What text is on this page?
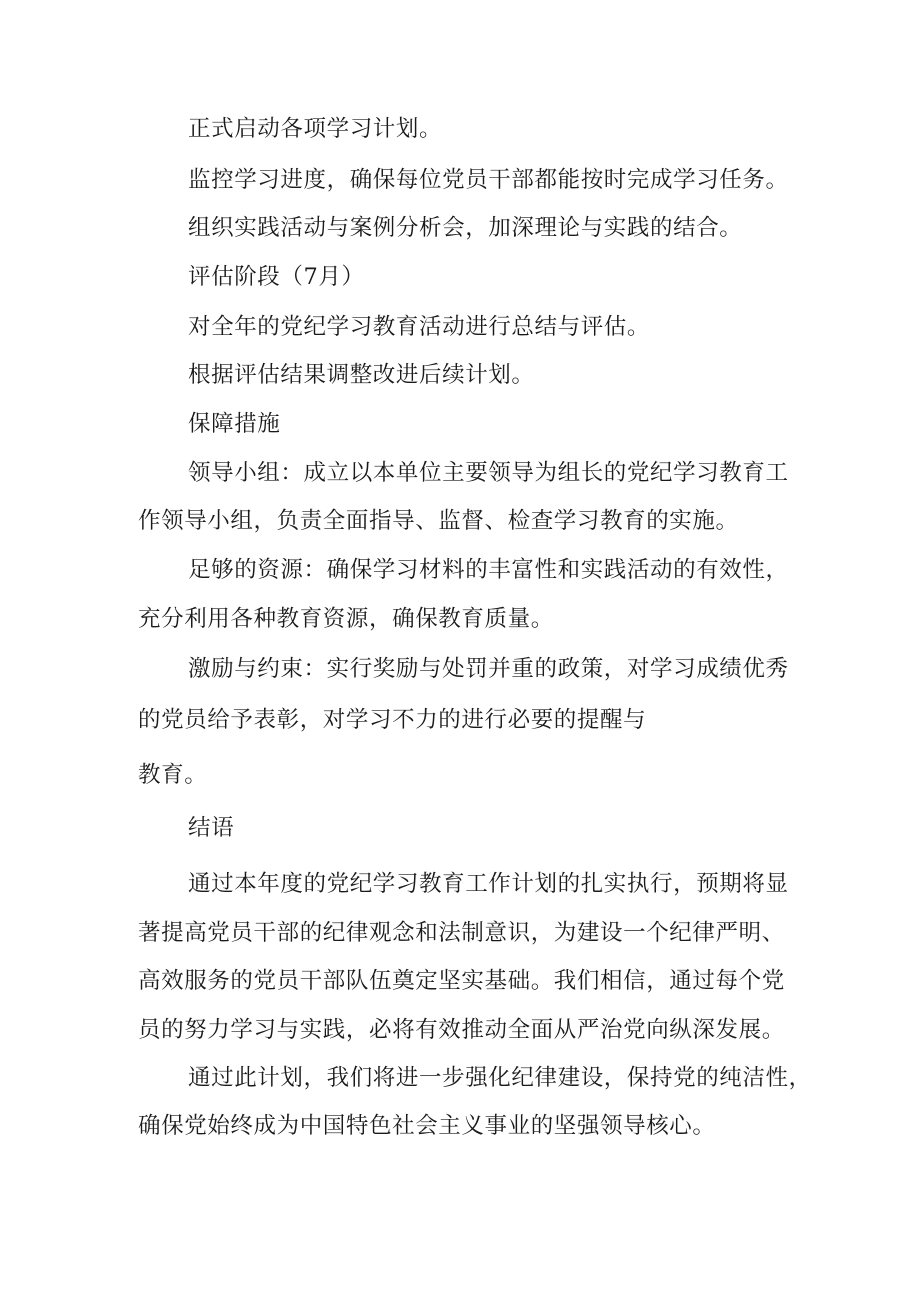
正式启动各项学习计划。

监控学习进度，确保每位党员干部都能按时完成学习任务。

组织实践活动与案例分析会，加深理论与实践的结合。

评估阶段（7月）

对全年的党纪学习教育活动进行总结与评估。

根据评估结果调整改进后续计划。

保障措施

领导小组：成立以本单位主要领导为组长的党纪学习教育工

作领导小组，负责全面指导、监督、检查学习教育的实施。

足够的资源：确保学习材料的丰富性和实践活动的有效性，

充分利用各种教育资源，确保教育质量。

激励与约束：实行奖励与处罚并重的政策，对学习成绩优秀

的党员给予表彰，对学习不力的进行必要的提醒与

教育。

结语

通过本年度的党纪学习教育工作计划的扎实执行，预期将显

著提高党员干部的纪律观念和法制意识，为建设一个纪律严明、

高效服务的党员干部队伍奠定坚实基础。我们相信，通过每个党

员的努力学习与实践，必将有效推动全面从严治党向纵深发展。

通过此计划，我们将进一步强化纪律建设，保持党的纯洁性，

确保党始终成为中国特色社会主义事业的坚强领导核心。
